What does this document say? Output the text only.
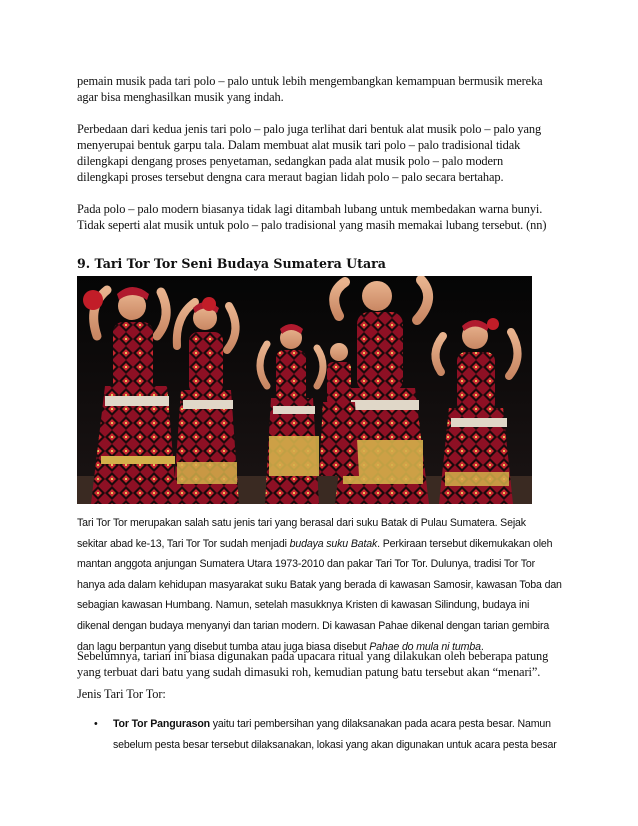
pemain musik pada tari polo – palo untuk lebih mengembangkan kemampuan bermusik mereka
agar bisa menghasilkan musik yang indah.
Perbedaan dari kedua jenis tari polo – palo juga terlihat dari bentuk alat musik polo – palo yang
menyerupai bentuk garpu tala. Dalam membuat alat musik tari polo – palo tradisional tidak
dilengkapi dengang proses penyetaman, sedangkan pada alat musik polo – palo modern
dilengkapi proses tersebut dengna cara meraut bagian lidah polo – palo secara bertahap.
Pada polo – palo modern biasanya tidak lagi ditambah lubang untuk membedakan warna bunyi.
Tidak seperti alat musik untuk polo – palo tradisional yang masih memakai lubang tersebut. (nn)
9. Tari Tor Tor Seni Budaya Sumatera Utara
Tari Tor Tor merupakan salah satu jenis tari yang berasal dari suku Batak di Pulau Sumatera. Sejak
sekitar abad ke-13, Tari Tor Tor sudah menjadi budaya suku Batak. Perkiraan tersebut dikemukakan oleh
mantan anggota anjungan Sumatera Utara 1973-2010 dan pakar Tari Tor Tor. Dulunya, tradisi Tor Tor
hanya ada dalam kehidupan masyarakat suku Batak yang berada di kawasan Samosir, kawasan Toba dan
sebagian kawasan Humbang. Namun, setelah masukknya Kristen di kawasan Silindung, budaya ini
dikenal dengan budaya menyanyi dan tarian modern. Di kawasan Pahae dikenal dengan tarian gembira
dan lagu berpantun yang disebut tumba atau juga biasa disebut Pahae do mula ni tumba.
Sebelumnya, tarian ini biasa digunakan pada upacara ritual yang dilakukan oleh beberapa patung
yang terbuat dari batu yang sudah dimasuki roh, kemudian patung batu tersebut akan “menari”.
Jenis Tari Tor Tor:
• Tor Tor Pangurason yaitu tari pembersihan yang dilaksanakan pada acara pesta besar. Namun
sebelum pesta besar tersebut dilaksanakan, lokasi yang akan digunakan untuk acara pesta besar
